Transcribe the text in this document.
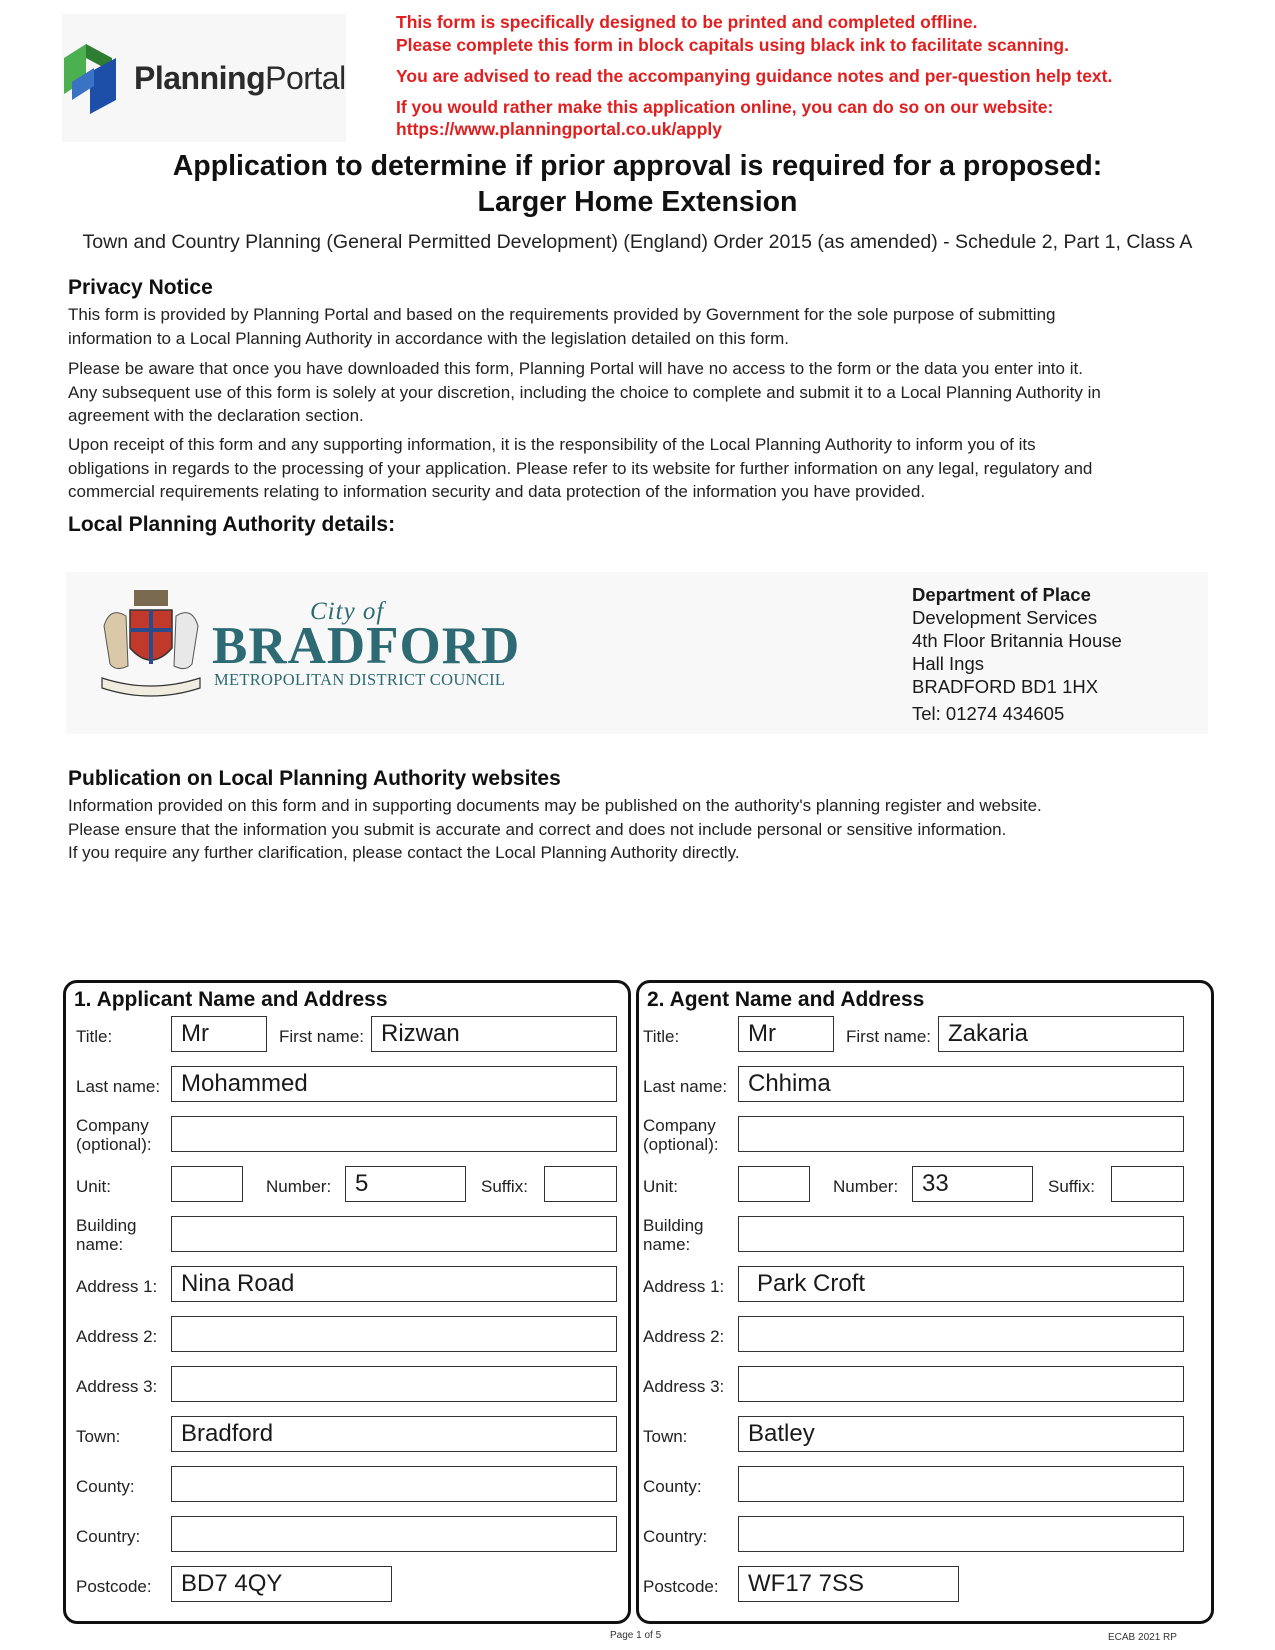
PlanningPortal
This form is specifically designed to be printed and completed offline.
Please complete this form in block capitals using black ink to facilitate scanning.
You are advised to read the accompanying guidance notes and per-question help text.
If you would rather make this application online, you can do so on our website:
https://www.planningportal.co.uk/apply
Application to determine if prior approval is required for a proposed:
Larger Home Extension
Town and Country Planning (General Permitted Development) (England) Order 2015 (as amended) - Schedule 2, Part 1, Class A
Privacy Notice
This form is provided by Planning Portal and based on the requirements provided by Government for the sole purpose of submitting
information to a Local Planning Authority in accordance with the legislation detailed on this form.
Please be aware that once you have downloaded this form, Planning Portal will have no access to the form or the data you enter into it.
Any subsequent use of this form is solely at your discretion, including the choice to complete and submit it to a Local Planning Authority in
agreement with the declaration section.
Upon receipt of this form and any supporting information, it is the responsibility of the Local Planning Authority to inform you of its
obligations in regards to the processing of your application. Please refer to its website for further information on any legal, regulatory and
commercial requirements relating to information security and data protection of the information you have provided.
Local Planning Authority details:
City of
BRADFORD
METROPOLITAN DISTRICT COUNCIL
Department of Place
Development Services
4th Floor Britannia House
Hall Ings
BRADFORD BD1 1HX
Tel: 01274 434605
Publication on Local Planning Authority websites
Information provided on this form and in supporting documents may be published on the authority's planning register and website.
Please ensure that the information you submit is accurate and correct and does not include personal or sensitive information.
If you require any further clarification, please contact the Local Planning Authority directly.
1. Applicant Name and Address
Title:	Mr	First name: Rizwan
Last name: Mohammed
Company
(optional):
Unit:	Number: 5	Suffix:
Building
name:
Address 1: Nina Road
Address 2:
Address 3:
Town:	Bradford
County:
Country:
Postcode:	BD7 4QY
2. Agent Name and Address
Title:	Mr	First name: Zakaria
Last name: Chhima
Company
(optional):
Unit:	Number: 33	Suffix:
Building
name:
Address 1:	Park Croft
Address 2:
Address 3:
Town:	Batley
County:
Country:
Postcode:	WF17 7SS
Page 1 of 5	ECAB 2021 RP
